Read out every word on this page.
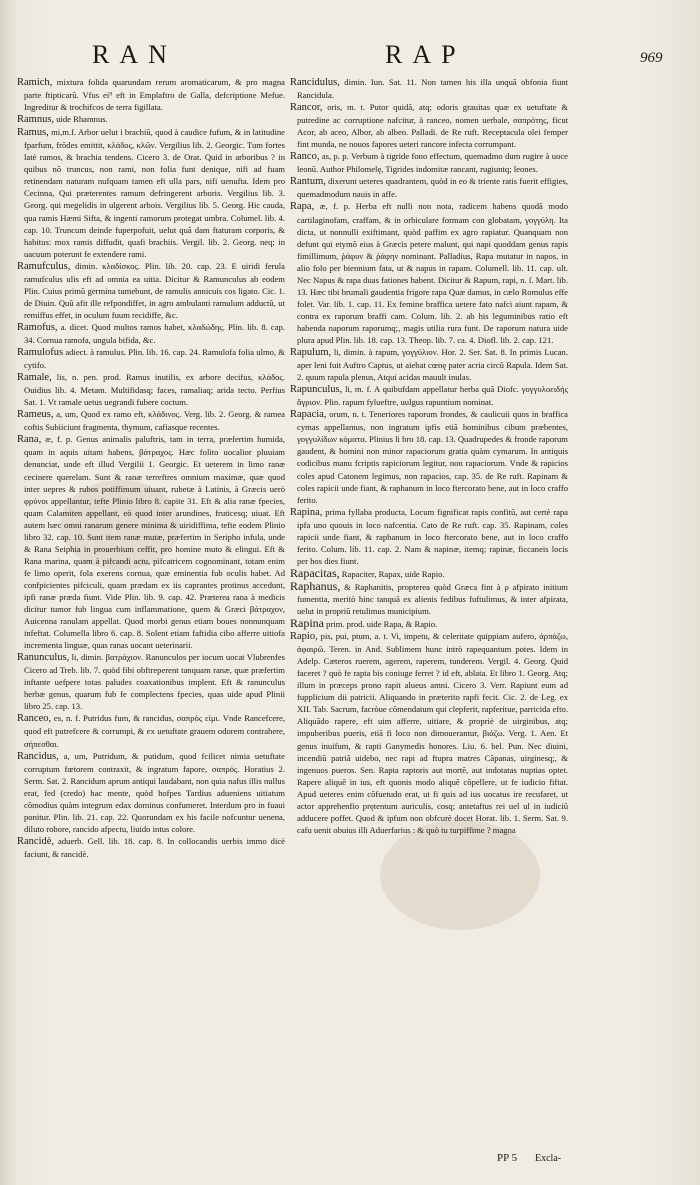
RAN	RAP	969
Ramich, mixtura folida quarundam rerum aromaticarum, & pro magna parte ftipticarũ. Vfus ei⁹ eft in Emplaftro de Galla, defcriptione Mefue. Ingreditur & trochifcos de terra figillata.
Ramnus, uide Rhamnus.
Ramus, mi,m.f. Arbor uelut i brachiũ, quod à caudice fufum, & in latitudine fparfum, frõdes emittit, κλάδος, κλῶν. Vergilius lib. 2. Georgic. Tum fortes latè ramos, & brachia tendens. Cicero 3. de Orat. Quid in arboribus ? in quibus nõ truncus, non rami, non folia funt denique, nifi ad fuam retinendam naturam nufquam tamen eft ulla pars, nifi uenufta. Idem pro Cecinna, Qui præterentes ramum defringerent arboris. Vergilius lib. 3. Georg. qui megelidis in ulgerent arbois. Vergilius lib. 5. Georg. Hic cauda, qua ramis Hæmi Sifta, & ingenti ramorum protegat umbra. Columel. lib. 4. cap. 10. Truncum deinde fuperpofuit, uelut quã dam ftaturam corporis, & habitus: mox ramis diffudit, quafi brachiis. Vergil. lib. 2. Georg. neq; in uacuum poterunt fe extendere rami.
Ramufculus, dimin. κλαδίσκος. Plin. lib. 20. cap. 23. E uiridi ferula ramufculus ulis eft ad omnia ea uitia. Dicitur & Ramunculus ab eodem Plin. Cuius primũ germina tumebunt, de ramulis annicuis cos ligato. Cic. 1. de Diuin. Quũ afit ille refpondiffet, in agro ambulanti ramulum adductũ, ut remiffus effet, in oculum fuum recidiffe, &c.
Ramofus, a. dicet. Quod multos ramos habet, κλαδώδης. Plin. lib. 8. cap. 34. Cornua ramofa, ungula bifida, &c.
Ramulofus adiect. à ramulus. Plin. lib. 16. cap. 24. Ramulofa folia ulmo, & cytifo.
Ramale, lis, n. pen. prod. Ramus inutilis, ex arbore decifus, κλάδος. Ouidius lib. 4. Metam. Multifidasq; faces, ramaliaq; arida tecto. Perfius Sat. 1. Vt ramale uetus uegrandi fubere coctum.
Rameus, a, um, Quod ex ramo eft, κλάδινος. Verg. lib. 2. Georg. & ramea coftis Subiiciunt fragmenta, thymum, cafiasque recentes.
Rana, æ, f. p. Genus animalis paluftris, tam in terra, præfertim humida, quam in aquis uitam habens, βάτραχος. Hæc folito uocalior pluuiam denunciat, unde eft illud Vergilii 1. Georgic. Et ueterem in limo ranæ cecinere querelam. Sunt & ranæ terreftres omnium maximæ, quæ quod inter uepres & rubos potiffimum uiuant, rubetæ à Latinis, à Græcis uerò φρύνοι appellantur, tefte Plinio libro 8. capite 31. Eft & alia ranæ fpecies, quam Calamiten appellant, eò quod inter arundines, fruticesq; uiuat. Eft autem hæc omni ranarum genere minima & uiridiffima, tefte eodem Plinio libro 32. cap. 10. Sunt item ranæ mutæ, præfertim in Seripho infula, unde & Rana Seiphia in prouerbium ceffit, pro homine muto & elingui. Eft & Rana marina, quam à pifcandi actu, pifcatricem cognominant, totam enim fe limo operit, fola exerens cornua, quæ eminentia fub oculis habet. Ad confpicientes pifciculi, quam prædam ex iis caprantes protinus accedunt, ipfi ranæ præda fiunt. Vide Plin. lib. 9. cap. 42. Præterea rana à medicis dicitur tumor fub lingua cum inflammatione, quem & Græci βάτραχον, Auicenna ranulam appellat. Quod morbi genus etiam boues nonnunquam infeftat. Columella libro 6. cap. 8. Solent etiam faftidia cibo afferre uitiofa incrementa linguæ, quas ranas uocant ueterinarii.
Ranunculus, li, dimin. βατράχιον. Ranunculos per iocum uocat Vlubrenfes Cicero ad Treb. lib. 7. quòd fibi obftreperent tanquam ranæ, quæ præfertim inftante uefpere totas paludes coaxationibus implent. Eft & ranunculus herbæ genus, quarum fub fe complectens fpecies, quas uide apud Plinii libro 25. cap. 13.
Ranceo, es, n. f. Putridus fum, & rancidus, σαπρὸς εἰμι. Vnde Rancefcere, quod eft putrefcere & corrumpi, & ex uetuftate grauem odorem contrahere, σήπεσθαι.
Rancidus, a, um, Putridum, & putidum, quod fcilicet nimia uetuftate corruptum fœtorem contraxit, & ingratum fapore, σαπρός. Horatius 2. Serm. Sat. 2. Rancidum aprum antiqui laudabant, non quia nafus illis nullus erat, fed (credo) hac mente, quòd hofpes Tardius adueniens uitiatum cõmodius quàm integrum edax dominus confumeret. Interdum pro in fuaui ponitur. Plin. lib. 21. cap. 22. Quorundam ex his facile nofcuntur uenena, diluto robore, rancido afpectu, liuido intus colore.
Rancidè, aduerb. Gell. lib. 18. cap. 8. In collocandis uerbis immo dicè faciunt, & rancidè.
Rancidulus, dimin. Iun. Sat. 11. Non tamen his illa unquã obfonia fiunt Rancidula.
Rancor, oris, m. t. Putor quidã, atq; odoris grauitas quæ ex uetuftate & putredine ac corruptione nafcitur, à ranceo, nomen uerbale, σαπρότης, ficut Acor, ab aceo, Albor, ab albeo. Palladi. de Re ruft. Receptacula olei femper fint munda, ne nouos fapores ueteri rancore infecta corrumpant.
Ranco, as, p. p. Verbum à tigride fono effectum, quemadmo dum rugire à uoce leonũ. Author Philomelę, Tigrides indomitæ rancant, rugiuntq; leones.
Rantum, dixerunt ueteres quadrantem, quòd in eo & triente ratis fuerit effigies, quemadmodum nauis in affe.
Rapa, æ, f. p. Herba eft nulli non nota, radicem habens quodã modo cartilaginofam, craffam, & in orbiculare formam con globatam, γογγύλη. Ita dicta, ut nonnulli exiftimant, quòd paffim ex agro rapiatur. Quanquam non defunt qui etymõ eius à Græcis petere malunt, qui napi quoddam genus rapis fimillimum, ῥάφυν & ῥάφην nominant. Palladius, Rapa mutatur in napos, in alio folo per biennium fata, ut & napus in rapam. Columell. lib. 11. cap. ult. Nec Napus & rapa duas fationes habent. Dicitur & Rapum, rapi, n. ſ. Mart. lib. 13. Hæc tibi brumali gaudentia frigore rapa Quæ damus, in cælo Romulus effe folet. Var. lib. 1. cap. 11. Ex femine braffica uetere fato nafci aiunt rapam, & contra ex raporum braffi cam. Colum. lib. 2. ab his leguminibus ratio eft habenda naporum raporumq;, magis utilia rura funt. De raporum natura uide plura apud Plin. lib. 18. cap. 13. Theop. lib. 7. ca. 4. Diofl. lib. 2. cap. 121.
Rapulum, li, dimin. à rapum, γογγύλιον. Hor. 2. Ser. Sat. 8. In primis Lucan. aper leni fuit Auftro Captus, ut aiebat cœnę pater acria circũ Rapula. Idem Sat. 2. quum rapula plenus, Atqui acidas mauult inulas.
Rapunculus, li, m. f. A quibufdam appellatur herba quã Diofc. γογγυλοειδὴς ἄγριον. Plin. rapum fylueftre, uulgus rapuntium nominat.
Rapacia, orum, n. t. Teneriores raporum frondes, & caulicuii quos in braffica cymas appellamus, non ingratum ipfis etiã hominibus cibum præbentes, γογγυλίδων κόματα. Plinius li bro 18. cap. 13. Quadrupedes & fronde raporum gaudent, & homini non minor rapaciorum gratia quàm cymarum. In antiquis codicibus manu fcriptis rapiciorum legitur, non rapaciorum. Vnde & rapicios coles apud Catonem legimus, non rapacios, cap. 35. de Re ruft. Rapinam & coles rapicii unde fiant, & raphanum in loco ftercorato bene, aut in loco craffo ferito.
Rapina, prima fyllaba producta, Locum fignificat rapis confitũ, aut certè rapa ipfa uno quouis in loco nafcentia. Cato de Re ruft. cap. 35. Rapinam, coles rapicii unde fiant, & raphanum in loco ftercorato bene, aut in loco craffo ferito. Colum. lib. 11. cap. 2. Nam & napinæ, itemq; rapinæ, ficcaneis locis per hos dies fiunt.
Rapacitas, Rapaciter, Rapax, uide Rapio.
Raphanus, & Raphanitis, propterea quòd Græca fint à ρ afpirato initium fumentia, meritò hinc tanquã ex alienis fedibus fuftulimus, & inter afpirata, uelut in propriũ retulimus municipium.
Rapina prim. prod. uide Rapa, & Rapio.
Rapio, pis, pui, ptum, a. t. Vi, impetu, & celeritate quippiam aufero, ἁρπάζω, ἀφαιρῶ. Teren. in And. Sublimem hunc intrò rapequantum potes. Idem in Adelp. Cæteros ruerem, agerem, raperem, tunderem. Vergil. 4. Georg. Quid faceret ? quò fe rapta bis coniuge ferret ? id eft, ablata. Et libro 1. Georg. Atq; illum in præceps prono rapit alueus amni. Cicero 3. Verr. Rapiunt eum ad fupplicium dii patricii. Aliquando in præterito rapfi fecit. Cic. 2. de Leg. ex XII. Tab. Sacrum, facròue cõmendatum qui clepferit, rapferitue, parricida efto. Aliquãdo rapere, eft uim afferre, uitiare, & propriè de uirginibus, atq; impuberibus pueris, etiã fi loco non dimouerantur, βιάζω. Verg. 1. Aen. Et genus inuifum, & rapti Ganymedis honores. Liu. 6. bel. Pun. Nec diuini, incendiũ patriã uidebo, nec rapi ad ftupra matres Cãpanas, uirginesq;, & ingenuos pueros. Sen. Rapta raptoris aut mortẽ, aut indotatas nuptias optet. Rapere aliquẽ in ius, eft quonis modo aliquẽ cõpellere, ut fe iudicio fiftat. Apud ueteres enim cõfuetudo erat, ut fi quis ad ius uocatus ire recufaret, ut actor apprehenfio prętentum auriculis, cosq; antetaftus rei uel ul in iudiciũ adducere poffet. Quod & ipfum non obfcurè docet Horat. lib. 1. Serm. Sat. 9. cafu uenit obuius illi Aduerfarius : & quò tu turpiffime ? magna
PP 5 Excla-
